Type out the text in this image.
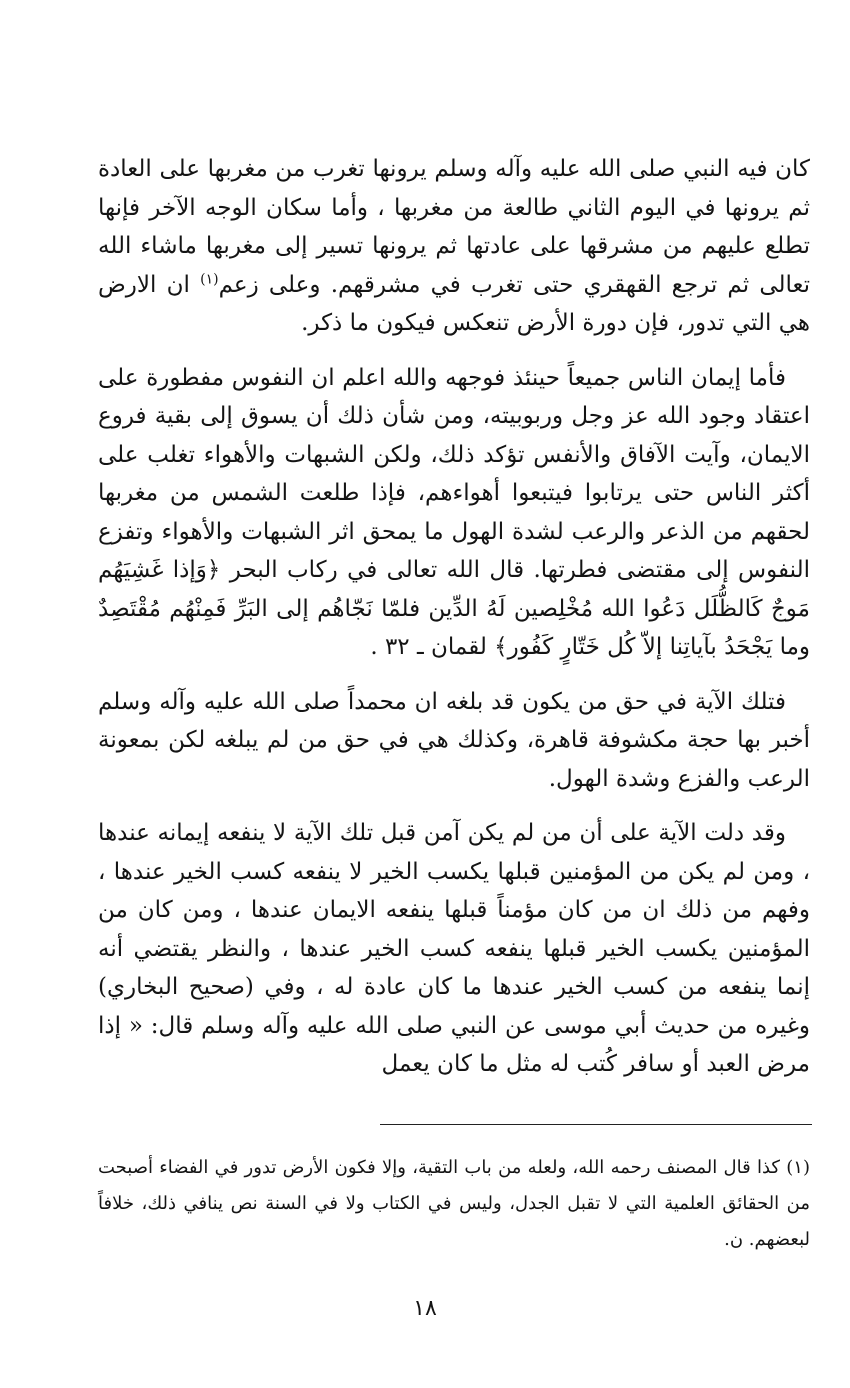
كان فيه النبي صلى الله عليه وآله وسلم يرونها تغرب من مغربها على العادة ثم يرونها في اليوم الثاني طالعة من مغربها ، وأما سكان الوجه الآخر فإنها تطلع عليهم من مشرقها على عادتها ثم يرونها تسير إلى مغربها ماشاء الله تعالى ثم ترجع القهقري حتى تغرب في مشرقهم. وعلى زعم$^{(١)}$ ان الارض هي التي تدور، فإن دورة الأرض تنعكس فيكون ما ذكر.

فأما إيمان الناس جميعاً حينئذ فوجهه والله اعلم ان النفوس مفطورة على اعتقاد وجود الله عز وجل وربوبيته، ومن شأن ذلك أن يسوق إلى بقية فروع الايمان، وآيت الآفاق والأنفس تؤكد ذلك، ولكن الشبهات والأهواء تغلب على أكثر الناس حتى يرتابوا فيتبعوا أهواءهم، فإذا طلعت الشمس من مغربها لحقهم من الذعر والرعب لشدة الهول ما يمحق اثر الشبهات والأهواء وتفزع النفوس إلى مقتضى فطرتها. قال الله تعالى في ركاب البحر ﴿وَإذا غَشِيَهُم مَوجٌ كَالظُّلَل دَعُوا الله مُخْلِصين لَهُ الدِّين فلمّا نَجّاهُم إلى البَرِّ فَمِنْهُم مُقْتَصِدٌ وما يَجْحَدُ بآياتِنا إلاّ كُل خَتّارٍ كَفُور﴾ لقمان ـ ٣٢ .

فتلك الآية في حق من يكون قد بلغه ان محمداً صلى الله عليه وآله وسلم أخبر بها حجة مكشوفة قاهرة، وكذلك هي في حق من لم يبلغه لكن بمعونة الرعب والفزع وشدة الهول.

وقد دلت الآية على أن من لم يكن آمن قبل تلك الآية لا ينفعه إيمانه عندها ، ومن لم يكن من المؤمنين قبلها يكسب الخير لا ينفعه كسب الخير عندها ، وفهم من ذلك ان من كان مؤمناً قبلها ينفعه الايمان عندها ، ومن كان من المؤمنين يكسب الخير قبلها ينفعه كسب الخير عندها ، والنظر يقتضي أنه إنما ينفعه من كسب الخير عندها ما كان عادة له ، وفي (صحيح البخاري) وغيره من حديث أبي موسى عن النبي صلى الله عليه وآله وسلم قال: « إذا مرض العبد أو سافر كُتب له مثل ما كان يعمل

(١) كذا قال المصنف رحمه الله، ولعله من باب التقية، وإلا فكون الأرض تدور في الفضاء أصبحت من الحقائق العلمية التي لا تقبل الجدل، وليس في الكتاب ولا في السنة نص ينافي ذلك، خلافاً لبعضهم. ن.
١٨
